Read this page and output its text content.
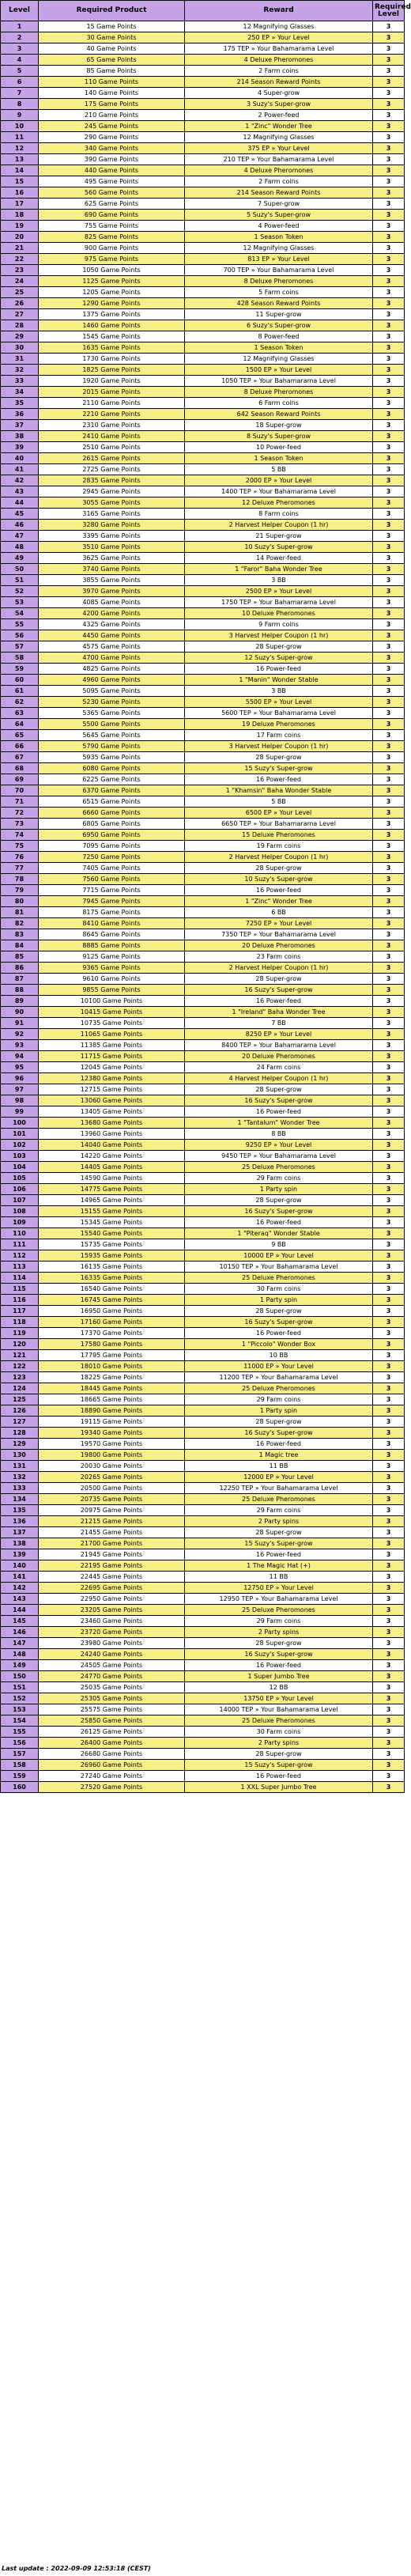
Level	Required Product	Reward	Required Level
1	15 Game Points	12 Magnifying Glasses	3
2	30 Game Points	250 EP » Your Level	3
3	40 Game Points	175 TEP » Your Bahamarama Level	3
4	65 Game Points	4 Deluxe Pheromones	3
5	85 Game Points	2 Farm coins	3
6	110 Game Points	214 Season Reward Points	3
7	140 Game Points	4 Super-grow	3
8	175 Game Points	3 Suzy's Super-grow	3
9	210 Game Points	2 Power-feed	3
10	245 Game Points	1 "Zinc" Wonder Tree	3
11	290 Game Points	12 Magnifying Glasses	3
12	340 Game Points	375 EP » Your Level	3
13	390 Game Points	210 TEP » Your Bahamarama Level	3
14	440 Game Points	4 Deluxe Pheromones	3
15	495 Game Points	2 Farm coins	3
16	560 Game Points	214 Season Reward Points	3
17	625 Game Points	7 Super-grow	3
18	690 Game Points	5 Suzy's Super-grow	3
19	755 Game Points	4 Power-feed	3
20	825 Game Points	1 Season Token	3
21	900 Game Points	12 Magnifying Glasses	3
22	975 Game Points	813 EP » Your Level	3
23	1050 Game Points	700 TEP » Your Bahamarama Level	3
24	1125 Game Points	8 Deluxe Pheromones	3
25	1205 Game Points	5 Farm coins	3
26	1290 Game Points	428 Season Reward Points	3
27	1375 Game Points	11 Super-grow	3
28	1460 Game Points	6 Suzy's Super-grow	3
29	1545 Game Points	8 Power-feed	3
30	1635 Game Points	1 Season Token	3
31	1730 Game Points	12 Magnifying Glasses	3
32	1825 Game Points	1500 EP » Your Level	3
33	1920 Game Points	1050 TEP » Your Bahamarama Level	3
34	2015 Game Points	8 Deluxe Pheromones	3
35	2110 Game Points	6 Farm coins	3
36	2210 Game Points	642 Season Reward Points	3
37	2310 Game Points	18 Super-grow	3
38	2410 Game Points	8 Suzy's Super-grow	3
39	2510 Game Points	10 Power-feed	3
40	2615 Game Points	1 Season Token	3
41	2725 Game Points	5 BB	3
42	2835 Game Points	2000 EP » Your Level	3
43	2945 Game Points	1400 TEP » Your Bahamarama Level	3
44	3055 Game Points	12 Deluxe Pheromones	3
45	3165 Game Points	8 Farm coins	3
46	3280 Game Points	2 Harvest Helper Coupon (1 hr)	3
47	3395 Game Points	21 Super-grow	3
48	3510 Game Points	10 Suzy's Super-grow	3
49	3625 Game Points	14 Power-feed	3
50	3740 Game Points	1 "Faror" Baha Wonder Tree	3
51	3855 Game Points	3 BB	3
52	3970 Game Points	2500 EP » Your Level	3
53	4085 Game Points	1750 TEP » Your Bahamarama Level	3
54	4200 Game Points	10 Deluxe Pheromones	3
55	4325 Game Points	9 Farm coins	3
56	4450 Game Points	3 Harvest Helper Coupon (1 hr)	3
57	4575 Game Points	28 Super-grow	3
58	4700 Game Points	12 Suzy's Super-grow	3
59	4825 Game Points	16 Power-feed	3
60	4960 Game Points	1 "Manin" Wonder Stable	3
61	5095 Game Points	3 BB	3
62	5230 Game Points	5500 EP » Your Level	3
63	5365 Game Points	5600 TEP » Your Bahamarama Level	3
64	5500 Game Points	19 Deluxe Pheromones	3
65	5645 Game Points	17 Farm coins	3
66	5790 Game Points	3 Harvest Helper Coupon (1 hr)	3
67	5935 Game Points	28 Super-grow	3
68	6080 Game Points	15 Suzy's Super-grow	3
69	6225 Game Points	16 Power-feed	3
70	6370 Game Points	1 "Khamsin" Baha Wonder Stable	3
71	6515 Game Points	5 BB	3
72	6660 Game Points	6500 EP » Your Level	3
73	6805 Game Points	6650 TEP » Your Bahamarama Level	3
74	6950 Game Points	15 Deluxe Pheromones	3
75	7095 Game Points	19 Farm coins	3
76	7250 Game Points	2 Harvest Helper Coupon (1 hr)	3
77	7405 Game Points	28 Super-grow	3
78	7560 Game Points	10 Suzy's Super-grow	3
79	7715 Game Points	16 Power-feed	3
80	7945 Game Points	1 "Zinc" Wonder Tree	3
81	8175 Game Points	6 BB	3
82	8410 Game Points	7250 EP » Your Level	3
83	8645 Game Points	7350 TEP » Your Bahamarama Level	3
84	8885 Game Points	20 Deluxe Pheromones	3
85	9125 Game Points	23 Farm coins	3
86	9365 Game Points	2 Harvest Helper Coupon (1 hr)	3
87	9610 Game Points	28 Super-grow	3
88	9855 Game Points	16 Suzy's Super-grow	3
89	10100 Game Points	16 Power-feed	3
90	10415 Game Points	1 "Ireland" Baha Wonder Tree	3
91	10735 Game Points	7 BB	3
92	11065 Game Points	8250 EP » Your Level	3
93	11385 Game Points	8400 TEP » Your Bahamarama Level	3
94	11715 Game Points	20 Deluxe Pheromones	3
95	12045 Game Points	24 Farm coins	3
96	12380 Game Points	4 Harvest Helper Coupon (1 hr)	3
97	12715 Game Points	28 Super-grow	3
98	13060 Game Points	16 Suzy's Super-grow	3
99	13405 Game Points	16 Power-feed	3
100	13680 Game Points	1 "Tantalum" Wonder Tree	3
101	13960 Game Points	8 BB	3
102	14040 Game Points	9250 EP » Your Level	3
103	14220 Game Points	9450 TEP » Your Bahamarama Level	3
104	14405 Game Points	25 Deluxe Pheromones	3
105	14590 Game Points	29 Farm coins	3
106	14775 Game Points	1 Party spin	3
107	14965 Game Points	28 Super-grow	3
108	15155 Game Points	16 Suzy's Super-grow	3
109	15345 Game Points	16 Power-feed	3
110	15540 Game Points	1 "Piteraq" Wonder Stable	3
111	15735 Game Points	9 BB	3
112	15935 Game Points	10000 EP » Your Level	3
113	16135 Game Points	10150 TEP » Your Bahamarama Level	3
114	16335 Game Points	25 Deluxe Pheromones	3
115	16540 Game Points	30 Farm coins	3
116	16745 Game Points	1 Party spin	3
117	16950 Game Points	28 Super-grow	3
118	17160 Game Points	16 Suzy's Super-grow	3
119	17370 Game Points	16 Power-feed	3
120	17580 Game Points	1 "Piccolo" Wonder Box	3
121	17795 Game Points	10 BB	3
122	18010 Game Points	11000 EP » Your Level	3
123	18225 Game Points	11200 TEP » Your Bahamarama Level	3
124	18445 Game Points	25 Deluxe Pheromones	3
125	18665 Game Points	29 Farm coins	3
126	18890 Game Points	1 Party spin	3
127	19115 Game Points	28 Super-grow	3
128	19340 Game Points	16 Suzy's Super-grow	3
129	19570 Game Points	16 Power-feed	3
130	19800 Game Points	1 Magic tree	3
131	20030 Game Points	11 BB	3
132	20265 Game Points	12000 EP » Your Level	3
133	20500 Game Points	12250 TEP » Your Bahamarama Level	3
134	20735 Game Points	25 Deluxe Pheromones	3
135	20975 Game Points	29 Farm coins	3
136	21215 Game Points	2 Party spins	3
137	21455 Game Points	28 Super-grow	3
138	21700 Game Points	15 Suzy's Super-grow	3
139	21945 Game Points	16 Power-feed	3
140	22195 Game Points	1 The Magic Hat (+)	3
141	22445 Game Points	11 BB	3
142	22695 Game Points	12750 EP » Your Level	3
143	22950 Game Points	12950 TEP » Your Bahamarama Level	3
144	23205 Game Points	25 Deluxe Pheromones	3
145	23460 Game Points	29 Farm coins	3
146	23720 Game Points	2 Party spins	3
147	23980 Game Points	28 Super-grow	3
148	24240 Game Points	16 Suzy's Super-grow	3
149	24505 Game Points	16 Power-feed	3
150	24770 Game Points	1 Super Jumbo Tree	3
151	25035 Game Points	12 BB	3
152	25305 Game Points	13750 EP » Your Level	3
153	25575 Game Points	14000 TEP » Your Bahamarama Level	3
154	25850 Game Points	25 Deluxe Pheromones	3
155	26125 Game Points	30 Farm coins	3
156	26400 Game Points	2 Party spins	3
157	26680 Game Points	28 Super-grow	3
158	26960 Game Points	15 Suzy's Super-grow	3
159	27240 Game Points	16 Power-feed	3
160	27520 Game Points	1 XXL Super Jumbo Tree	3
Last update : 2022-09-09 12:53:18 (CEST)
